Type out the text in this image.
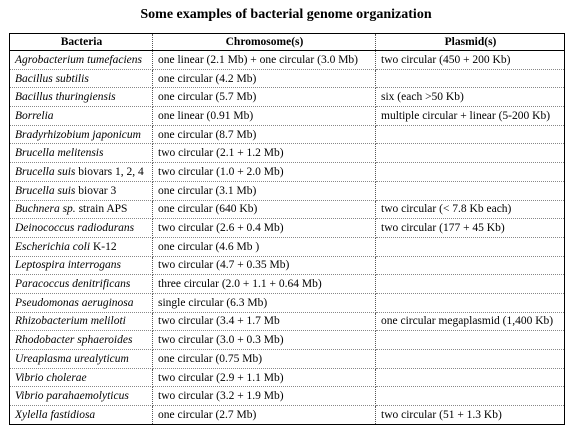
Some examples of bacterial genome organization
Bacteria	Chromosome(s)	Plasmid(s)
Agrobacterium tumefaciens	one linear (2.1 Mb) + one circular (3.0 Mb)	two circular (450 + 200 Kb)
Bacillus subtilis	one circular (4.2 Mb)	
Bacillus thuringiensis	one circular (5.7 Mb)	six (each >50 Kb)
Borrelia	one linear (0.91 Mb)	multiple circular + linear (5-200 Kb)
Bradyrhizobium japonicum	one circular (8.7 Mb)	
Brucella melitensis	two circular (2.1 + 1.2 Mb)	
Brucella suis biovars 1, 2, 4	two circular (1.0 + 2.0 Mb)	
Brucella suis biovar 3	one circular (3.1 Mb)	
Buchnera sp. strain APS	one circular (640 Kb)	two circular (< 7.8 Kb each)
Deinococcus radiodurans	two circular (2.6 + 0.4 Mb)	two circular (177 + 45 Kb)
Escherichia coli K-12	one circular (4.6 Mb )	
Leptospira interrogans	two circular (4.7 + 0.35 Mb)	
Paracoccus denitrificans	three circular (2.0 + 1.1 + 0.64 Mb)	
Pseudomonas aeruginosa	single circular (6.3 Mb)	
Rhizobacterium meliloti	two circular (3.4 + 1.7 Mb	one circular megaplasmid (1,400 Kb)
Rhodobacter sphaeroides	two circular (3.0 + 0.3 Mb)	
Ureaplasma urealyticum	one circular (0.75 Mb)	
Vibrio cholerae	two circular (2.9 + 1.1 Mb)	
Vibrio parahaemolyticus	two circular (3.2 + 1.9 Mb)	
Xylella fastidiosa	one circular (2.7 Mb)	two circular (51 + 1.3 Kb)
